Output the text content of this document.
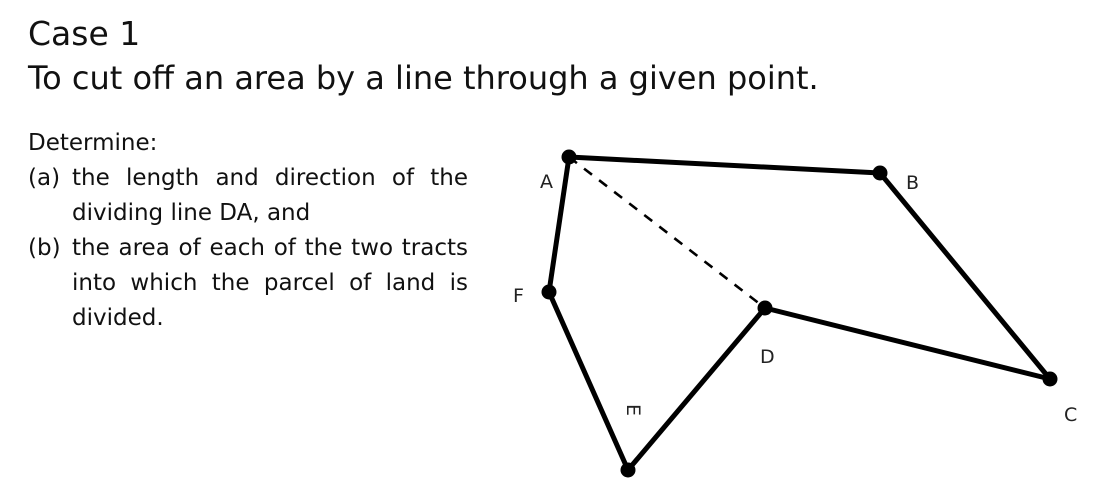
Case 1
To cut off an area by a line through a given point.
Determine:
(a) the length and direction of the dividing line DA, and
(b) the area of each of the two tracts into which the parcel of land is divided.
A	B
C
D
E
F
